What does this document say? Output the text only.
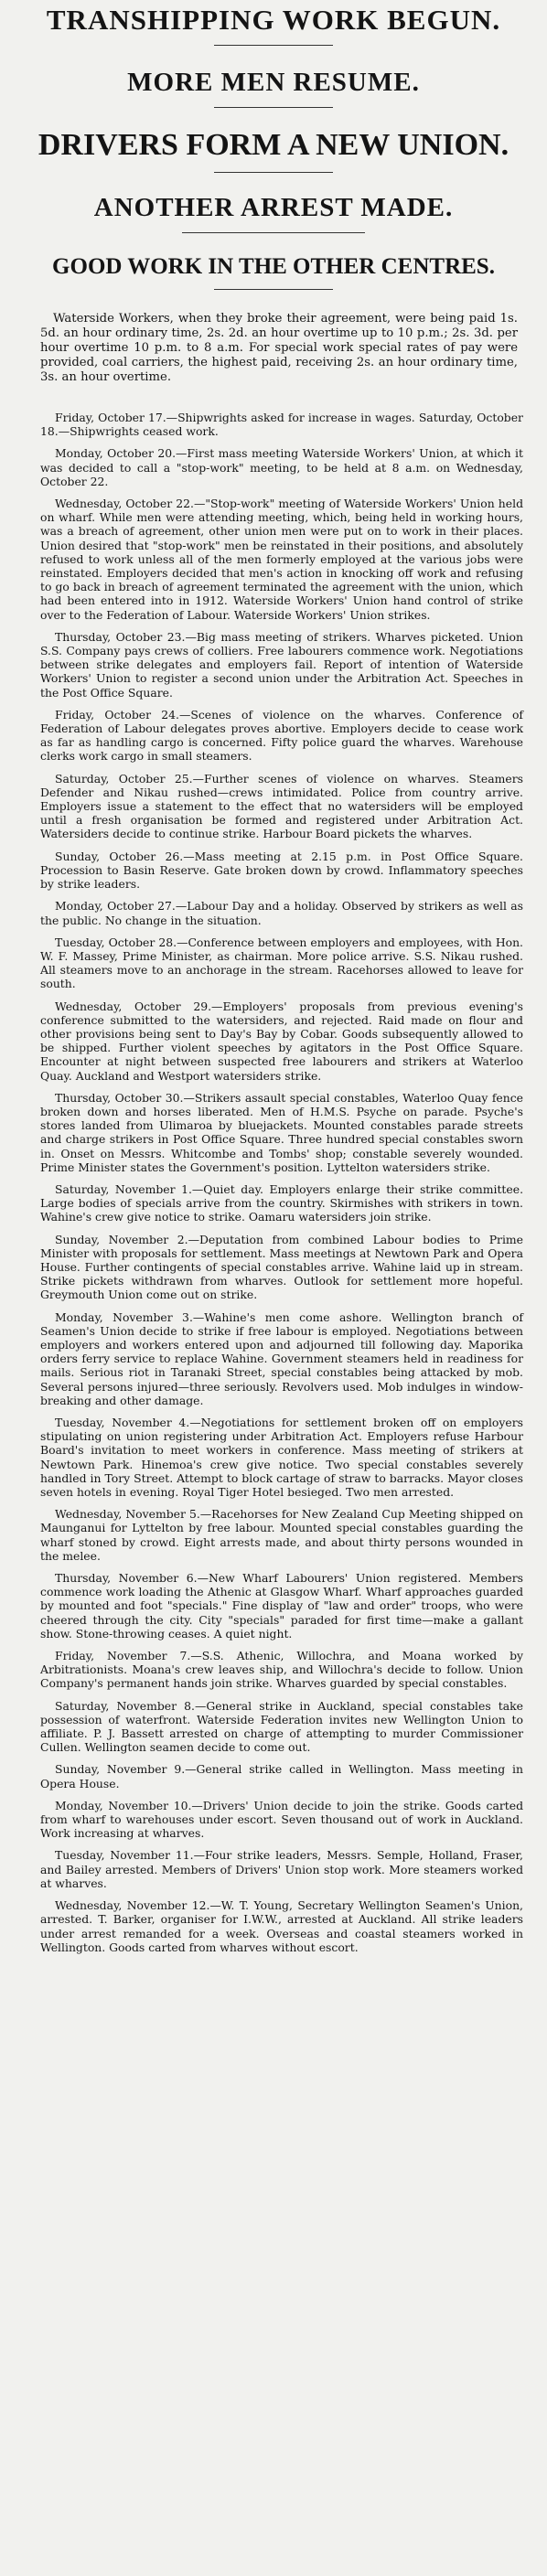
TRANSHIPPING WORK BEGUN.
MORE MEN RESUME.
DRIVERS FORM A NEW UNION.
ANOTHER ARREST MADE.
GOOD WORK IN THE OTHER CENTRES.

Waterside Workers, when they broke their agreement, were being paid 1s. 5d. an hour ordinary time, 2s. 2d. an hour overtime up to 10 p.m.; 2s. 3d. per hour overtime 10 p.m. to 8 a.m. For special work special rates of pay were provided, coal carriers, the highest paid, receiving 2s. an hour ordinary time, 3s. an hour overtime.

Friday, October 17.—Shipwrights asked for increase in wages. Saturday, October 18.—Shipwrights ceased work.

Monday, October 20.—First mass meeting Waterside Workers' Union, at which it was decided to call a "stop-work" meeting, to be held at 8 a.m. on Wednesday, October 22.

Wednesday, October 22.—"Stop-work" meeting of Waterside Workers' Union held on wharf. While men were attending meeting, which, being held in working hours, was a breach of agreement, other union men were put on to work in their places. Union desired that "stop-work" men be reinstated in their positions, and absolutely refused to work unless all of the men formerly employed at the various jobs were reinstated. Employers decided that men's action in knocking off work and refusing to go back in breach of agreement terminated the agreement with the union, which had been entered into in 1912. Waterside Workers' Union hand control of strike over to the Federation of Labour. Waterside Workers' Union strikes.

Thursday, October 23.—Big mass meeting of strikers. Wharves picketed. Union S.S. Company pays crews of colliers. Free labourers commence work. Negotiations between strike delegates and employers fail. Report of intention of Waterside Workers' Union to register a second union under the Arbitration Act. Speeches in the Post Office Square.

Friday, October 24.—Scenes of violence on the wharves. Conference of Federation of Labour delegates proves abortive. Employers decide to cease work as far as handling cargo is concerned. Fifty police guard the wharves. Warehouse clerks work cargo in small steamers.

Saturday, October 25.—Further scenes of violence on wharves. Steamers Defender and Nikau rushed—crews intimidated. Police from country arrive. Employers issue a statement to the effect that no watersiders will be employed until a fresh organisation be formed and registered under Arbitration Act. Watersiders decide to continue strike. Harbour Board pickets the wharves.

Sunday, October 26.—Mass meeting at 2.15 p.m. in Post Office Square. Procession to Basin Reserve. Gate broken down by crowd. Inflammatory speeches by strike leaders.

Monday, October 27.—Labour Day and a holiday. Observed by strikers as well as the public. No change in the situation.

Tuesday, October 28.—Conference between employers and employees, with Hon. W. F. Massey, Prime Minister, as chairman. More police arrive. S.S. Nikau rushed. All steamers move to an anchorage in the stream. Racehorses allowed to leave for south.

Wednesday, October 29.—Employers' proposals from previous evening's conference submitted to the watersiders, and rejected. Raid made on flour and other provisions being sent to Day's Bay by Cobar. Goods subsequently allowed to be shipped. Further violent speeches by agitators in the Post Office Square. Encounter at night between suspected free labourers and strikers at Waterloo Quay. Auckland and Westport watersiders strike.

Thursday, October 30.—Strikers assault special constables, Waterloo Quay fence broken down and horses liberated. Men of H.M.S. Psyche on parade. Psyche's stores landed from Ulimaroa by bluejackets. Mounted constables parade streets and charge strikers in Post Office Square. Three hundred special constables sworn in. Onset on Messrs. Whitcombe and Tombs' shop; constable severely wounded. Prime Minister states the Government's position. Lyttelton watersiders strike.

Saturday, November 1.—Quiet day. Employers enlarge their strike committee. Large bodies of specials arrive from the country. Skirmishes with strikers in town. Wahine's crew give notice to strike. Oamaru watersiders join strike.

Sunday, November 2.—Deputation from combined Labour bodies to Prime Minister with proposals for settlement. Mass meetings at Newtown Park and Opera House. Further contingents of special constables arrive. Wahine laid up in stream. Strike pickets withdrawn from wharves. Outlook for settlement more hopeful. Greymouth Union come out on strike.

Monday, November 3.—Wahine's men come ashore. Wellington branch of Seamen's Union decide to strike if free labour is employed. Negotiations between employers and workers entered upon and adjourned till following day. Maporika orders ferry service to replace Wahine. Government steamers held in readiness for mails. Serious riot in Taranaki Street, special constables being attacked by mob. Several persons injured—three seriously. Revolvers used. Mob indulges in window-breaking and other damage.

Tuesday, November 4.—Negotiations for settlement broken off on employers stipulating on union registering under Arbitration Act. Employers refuse Harbour Board's invitation to meet workers in conference. Mass meeting of strikers at Newtown Park. Hinemoa's crew give notice. Two special constables severely handled in Tory Street. Attempt to block cartage of straw to barracks. Mayor closes seven hotels in evening. Royal Tiger Hotel besieged. Two men arrested.

Wednesday, November 5.—Racehorses for New Zealand Cup Meeting shipped on Maunganui for Lyttelton by free labour. Mounted special constables guarding the wharf stoned by crowd. Eight arrests made, and about thirty persons wounded in the melee.

Thursday, November 6.—New Wharf Labourers' Union registered. Members commence work loading the Athenic at Glasgow Wharf. Wharf approaches guarded by mounted and foot "specials." Fine display of "law and order" troops, who were cheered through the city. City "specials" paraded for first time—make a gallant show. Stone-throwing ceases. A quiet night.

Friday, November 7.—S.S. Athenic, Willochra, and Moana worked by Arbitrationists. Moana's crew leaves ship, and Willochra's decide to follow. Union Company's permanent hands join strike. Wharves guarded by special constables.

Saturday, November 8.—General strike in Auckland, special constables take possession of waterfront. Waterside Federation invites new Wellington Union to affiliate. P. J. Bassett arrested on charge of attempting to murder Commissioner Cullen. Wellington seamen decide to come out.

Sunday, November 9.—General strike called in Wellington. Mass meeting in Opera House.

Monday, November 10.—Drivers' Union decide to join the strike. Goods carted from wharf to warehouses under escort. Seven thousand out of work in Auckland. Work increasing at wharves.

Tuesday, November 11.—Four strike leaders, Messrs. Semple, Holland, Fraser, and Bailey arrested. Members of Drivers' Union stop work. More steamers worked at wharves.

Wednesday, November 12.—W. T. Young, Secretary Wellington Seamen's Union, arrested. T. Barker, organiser for I.W.W., arrested at Auckland. All strike leaders under arrest remanded for a week. Overseas and coastal steamers worked in Wellington. Goods carted from wharves without escort.
